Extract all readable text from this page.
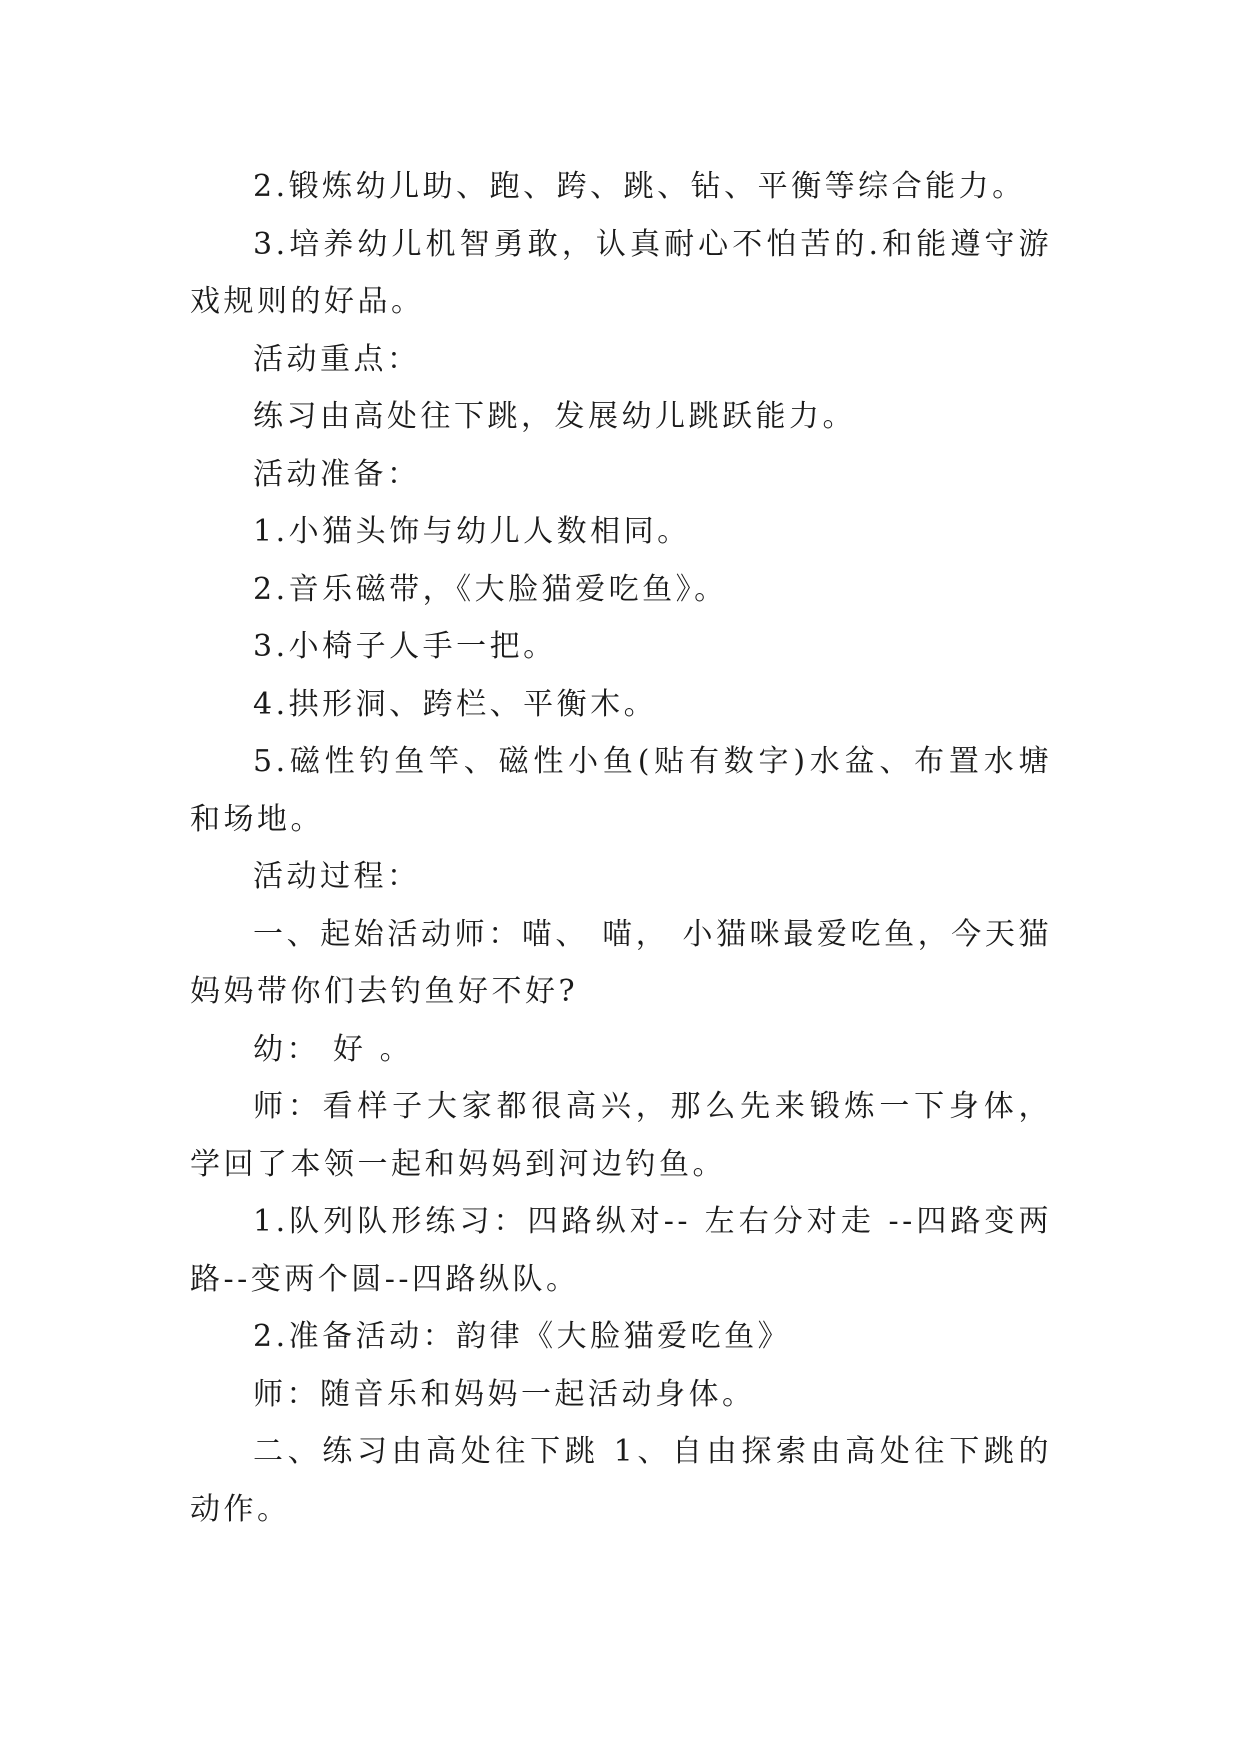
2.锻炼幼儿助、跑、跨、跳、钻、平衡等综合能力。

3.培养幼儿机智勇敢，认真耐心不怕苦的.和能遵守游戏规则的好品。

活动重点：

练习由高处往下跳，发展幼儿跳跃能力。

活动准备：

1.小猫头饰与幼儿人数相同。

2.音乐磁带，《大脸猫爱吃鱼》。

3.小椅子人手一把。

4.拱形洞、跨栏、平衡木。

5.磁性钓鱼竿、磁性小鱼(贴有数字)水盆、布置水塘和场地。

活动过程：

一、起始活动师：喵、 喵， 小猫咪最爱吃鱼，今天猫妈妈带你们去钓鱼好不好?

幼： 好 。

师：看样子大家都很高兴，那么先来锻炼一下身体，学回了本领一起和妈妈到河边钓鱼。

1.队列队形练习：四路纵对-- 左右分对走 --四路变两路--变两个圆--四路纵队。

2.准备活动：韵律《大脸猫爱吃鱼》

师：随音乐和妈妈一起活动身体。

二、练习由高处往下跳 1、自由探索由高处往下跳的动作。
